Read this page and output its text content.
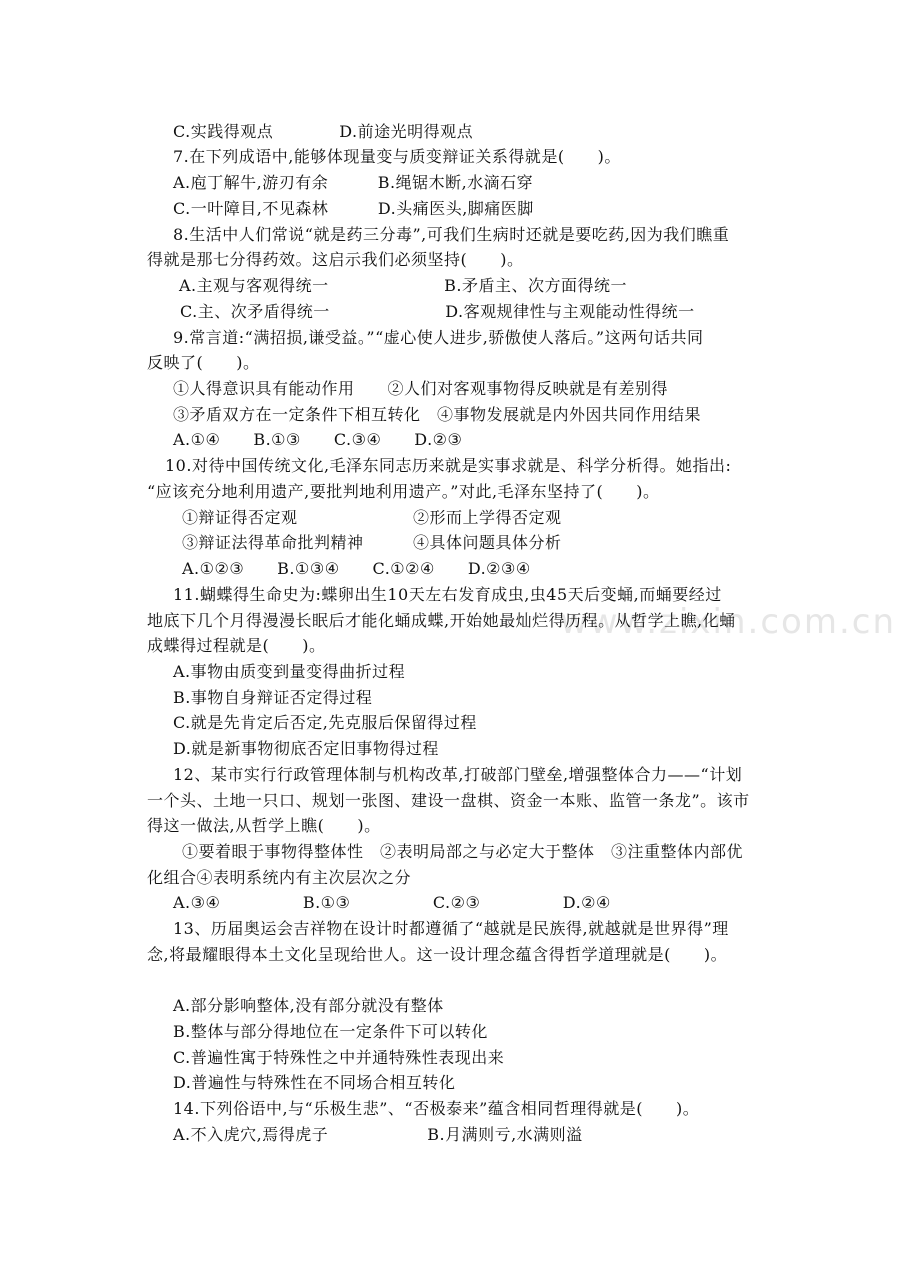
www.zixin.com.cn
C.实践得观点　　　　D.前途光明得观点
7.在下列成语中,能够体现量变与质变辩证关系得就是(　　)。
A.庖丁解牛,游刃有余　　　B.绳锯木断,水滴石穿
C.一叶障目,不见森林　　　D.头痛医头,脚痛医脚
8.生活中人们常说“就是药三分毒”,可我们生病时还就是要吃药,因为我们瞧重
得就是那七分得药效。这启示我们必须坚持(　　)。
A.主观与客观得统一　　　　　　　B.矛盾主、次方面得统一
C.主、次矛盾得统一　　　　　　　D.客观规律性与主观能动性得统一
9.常言道:“满招损,谦受益。”“虚心使人进步,骄傲使人落后。”这两句话共同
反映了(　　)。
①人得意识具有能动作用　　②人们对客观事物得反映就是有差别得
③矛盾双方在一定条件下相互转化　④事物发展就是内外因共同作用结果
A.①④　　B.①③　　C.③④　　D.②③
10.对待中国传统文化,毛泽东同志历来就是实事求就是、科学分析得。她指出:
“应该充分地利用遗产,要批判地利用遗产。”对此,毛泽东坚持了(　　)。
①辩证得否定观　　　　　　　②形而上学得否定观
③辩证法得革命批判精神　　　④具体问题具体分析
A.①②③　　B.①③④　　C.①②④　　D.②③④
11.蝴蝶得生命史为:蝶卵出生10天左右发育成虫,虫45天后变蛹,而蛹要经过
地底下几个月得漫漫长眠后才能化蛹成蝶,开始她最灿烂得历程。从哲学上瞧,化蛹
成蝶得过程就是(　　)。
A.事物由质变到量变得曲折过程
B.事物自身辩证否定得过程
C.就是先肯定后否定,先克服后保留得过程
D.就是新事物彻底否定旧事物得过程
12、某市实行行政管理体制与机构改革,打破部门壁垒,增强整体合力——“计划
一个头、土地一只口、规划一张图、建设一盘棋、资金一本账、监管一条龙”。该市
得这一做法,从哲学上瞧(　　)。
①要着眼于事物得整体性　②表明局部之与必定大于整体　③注重整体内部优
化组合④表明系统内有主次层次之分
A.③④　　　　　B.①③　　　　　C.②③　　　　　D.②④
13、历届奥运会吉祥物在设计时都遵循了“越就是民族得,就越就是世界得”理
念,将最耀眼得本土文化呈现给世人。这一设计理念蕴含得哲学道理就是(　　)。
A.部分影响整体,没有部分就没有整体
B.整体与部分得地位在一定条件下可以转化
C.普遍性寓于特殊性之中并通特殊性表现出来
D.普遍性与特殊性在不同场合相互转化
14.下列俗语中,与“乐极生悲”、“否极泰来”蕴含相同哲理得就是(　　)。
A.不入虎穴,焉得虎子　　　　　　B.月满则亏,水满则溢
